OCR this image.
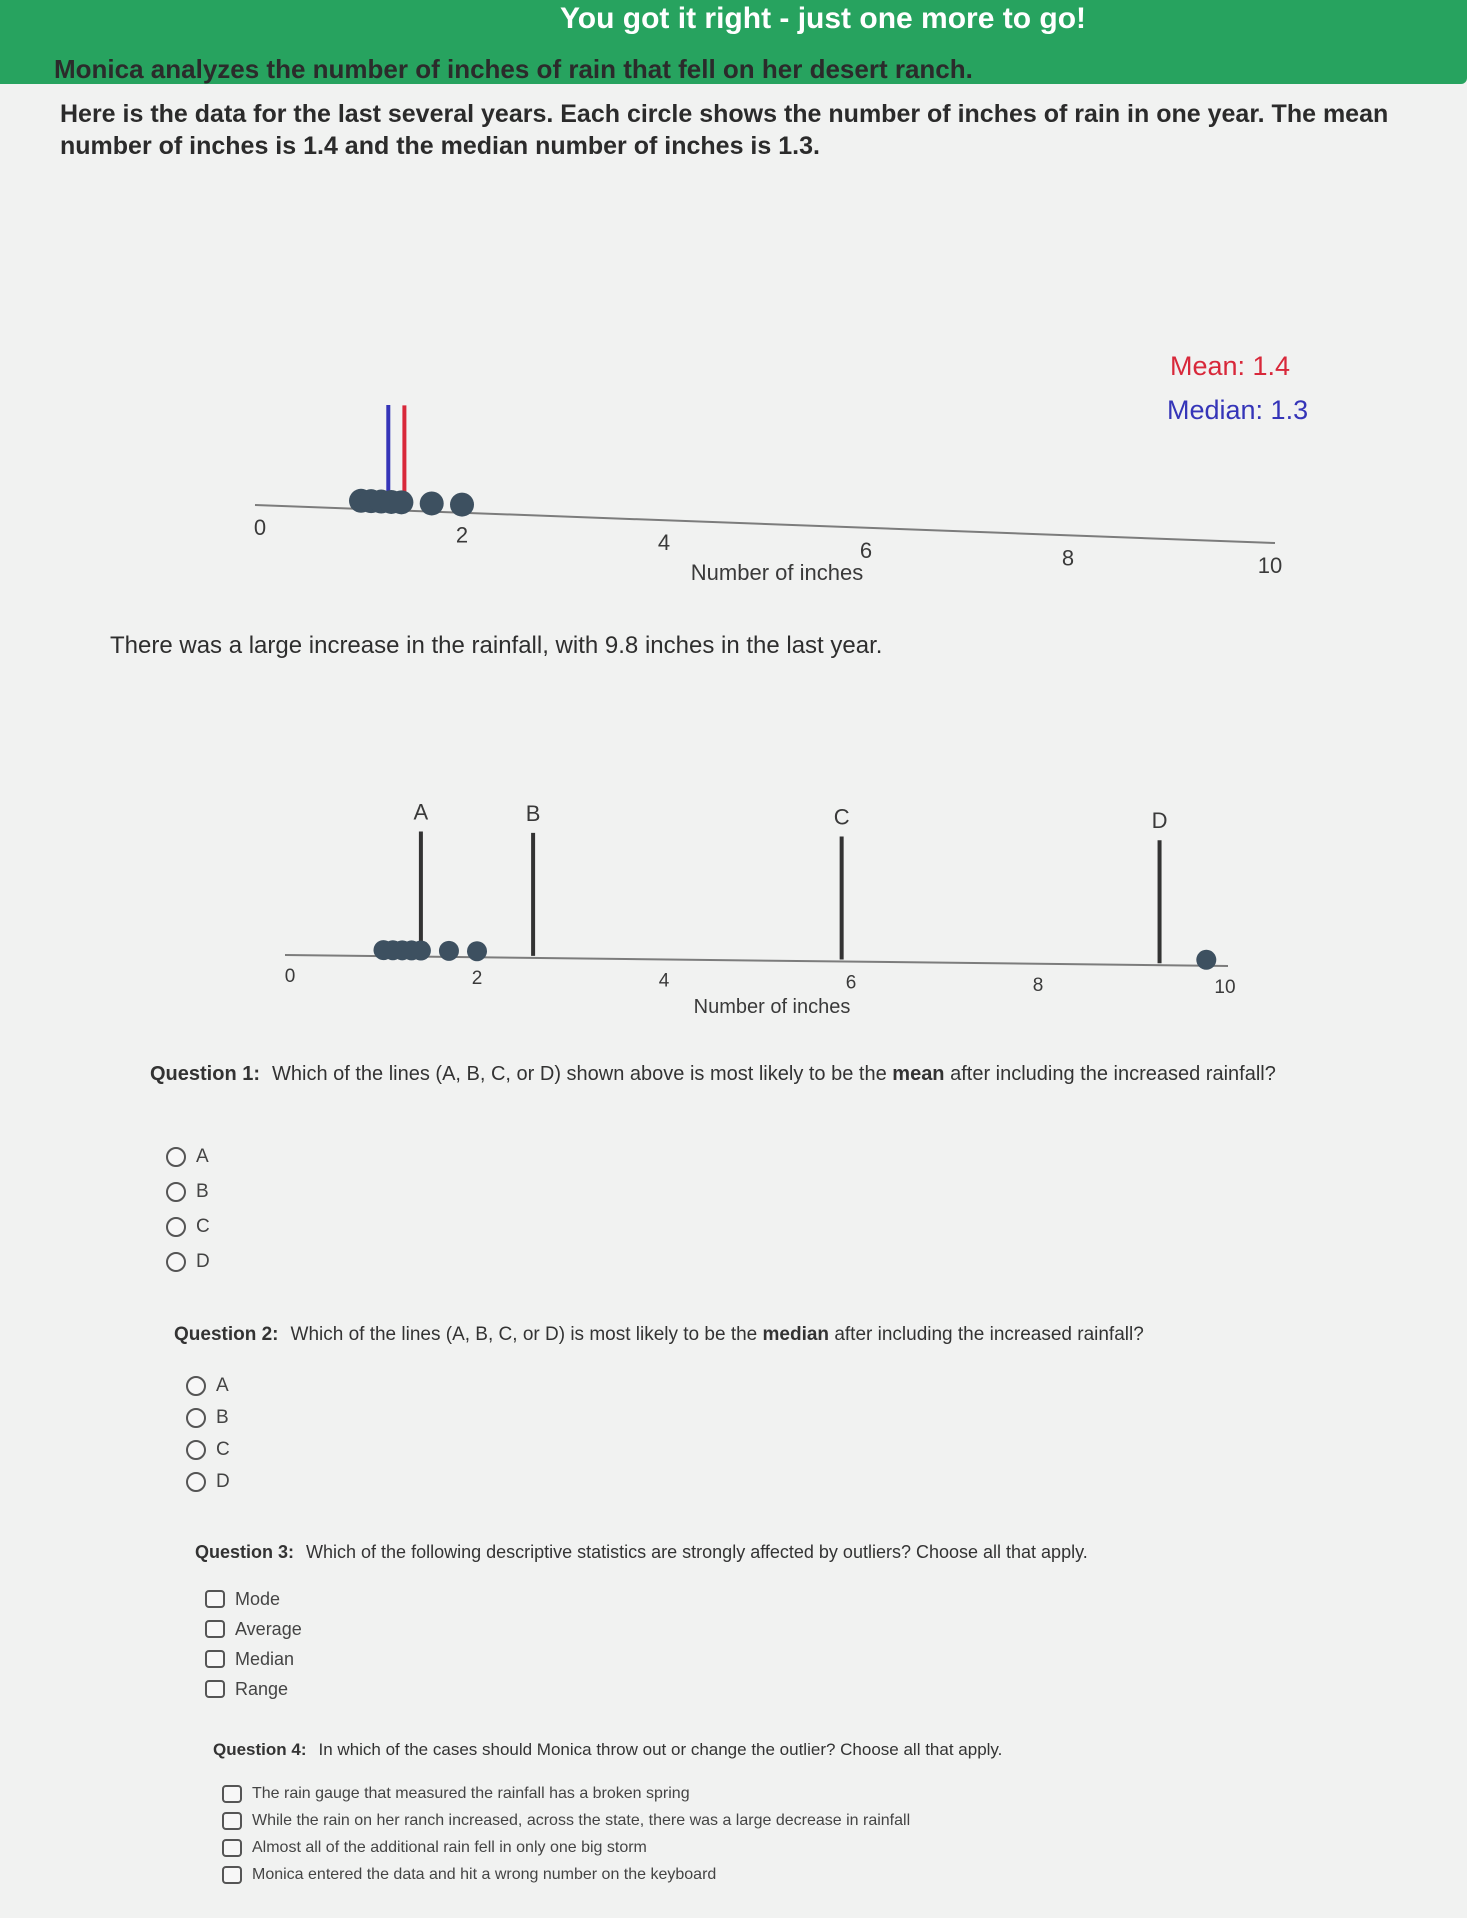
You got it right - just one more to go!
Monica analyzes the number of inches of rain that fell on her desert ranch.
Here is the data for the last several years. Each circle shows the number of inches of rain in one year. The mean number of inches is 1.4 and the median number of inches is 1.3.
0	2	4	6	8	10
Number of inches
Mean: 1.4
Median: 1.3
There was a large increase in the rainfall, with 9.8 inches in the last year.
0	2	4	6	8	10
A	B	C	D
Number of inches
Question 1: Which of the lines (A, B, C, or D) shown above is most likely to be the mean after including the increased rainfall?
A
B
C
D
Question 2: Which of the lines (A, B, C, or D) is most likely to be the median after including the increased rainfall?
A
B
C
D
Question 3: Which of the following descriptive statistics are strongly affected by outliers? Choose all that apply.
Mode
Average
Median
Range
Question 4: In which of the cases should Monica throw out or change the outlier? Choose all that apply.
The rain gauge that measured the rainfall has a broken spring
While the rain on her ranch increased, across the state, there was a large decrease in rainfall
Almost all of the additional rain fell in only one big storm
Monica entered the data and hit a wrong number on the keyboard
